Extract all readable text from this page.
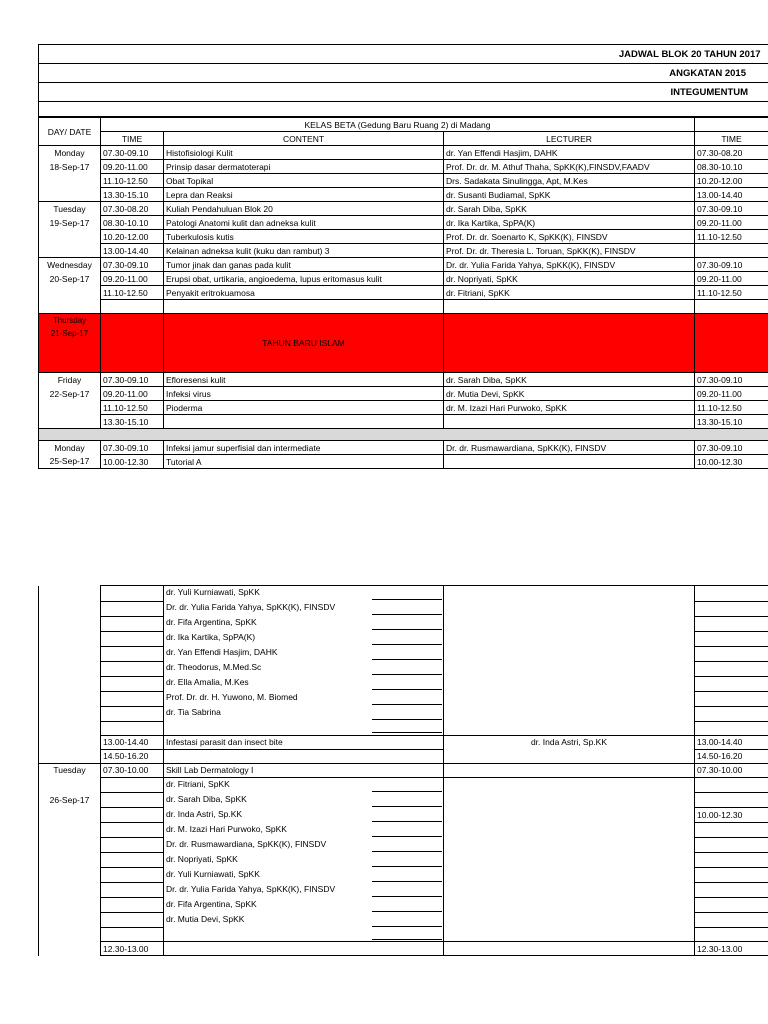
	JADWAL BLOK 20 TAHUN 2017
ANGKATAN 2015
INTEGUMENTUM

DAY/ DATE	KELAS BETA (Gedung Baru Ruang 2) di Madang			
	TIME	CONTENT	LECTURER	TIME
Monday	07.30-09.10	Histofisiologi Kulit	dr. Yan Effendi Hasjim, DAHK	07.30-08.20
18-Sep-17	09.20-11.00	Prinsip dasar dermatoterapi	Prof. Dr. dr. M. Athuf Thaha, SpKK(K),FINSDV,FAADV	08.30-10.10
	11.10-12.50	Obat Topikal	Drs. Sadakata Sinulingga, Apt, M.Kes	10.20-12.00
	13.30-15.10	Lepra dan Reaksi	dr. Susanti Budiamal, SpKK	13.00-14.40
Tuesday	07.30-08.20	Kuliah Pendahuluan Blok 20	dr. Sarah Diba, SpKK	07.30-09.10
19-Sep-17	08.30-10.10	Patologi Anatomi kulit dan adneksa kulit	dr. Ika Kartika, SpPA(K)	09.20-11.00
	10.20-12.00	Tuberkulosis kutis	Prof. Dr. dr. Soenarto K, SpKK(K), FINSDV	11.10-12.50
	13.00-14.40	Kelainan adneksa kulit (kuku dan rambut) 3	Prof. Dr. dr. Theresia L. Toruan, SpKK(K), FINSDV	
Wednesday	07.30-09.10	Tumor jinak dan ganas pada kulit	Dr. dr. Yulia Farida Yahya, SpKK(K), FINSDV	07.30-09.10
20-Sep-17	09.20-11.00	Erupsi obat, urtikaria, angioedema, lupus eritomasus kulit	dr. Nopriyati, SpKK	09.20-11.00
	11.10-12.50	Penyakit eritrokuamosa	dr. Fitriani, SpKK	11.10-12.50

Thursday
21-Sep-17		TAHUN BARU ISLAM		
Friday	07.30-09.10	Efloresensi kulit	dr. Sarah Diba, SpKK	07.30-09.10
22-Sep-17	09.20-11.00	Infeksi virus	dr. Mutia Devi, SpKK	09.20-11.00
	11.10-12.50	Pioderma	dr. M. Izazi Hari Purwoko, SpKK	11.10-12.50
	13.30-15.10			13.30-15.10

Monday	07.30-09.10	Infeksi jamur superfisial dan intermediate	Dr. dr. Rusmawardiana, SpKK(K), FINSDV	07.30-09.10
25-Sep-17	10.00-12.30	Tutorial A		10.00-12.30
		dr. Yuli Kurniawati, SpKK		
		Dr. dr. Yulia Farida Yahya, SpKK(K), FINSDV		
		dr. Fifa Argentina, SpKK		
		dr. Ika Kartika, SpPA(K)		
		dr. Yan Effendi Hasjim, DAHK		
		dr. Theodorus, M.Med.Sc		
		dr. Ella Amalia, M.Kes		
		Prof. Dr. dr. H. Yuwono, M. Biomed		
		dr. Tia Sabrina		

	13.00-14.40	Infestasi parasit dan insect bite	dr. Inda Astri, Sp.KK	13.00-14.40
	14.50-16.20			14.50-16.20
Tuesday	07.30-10.00	Skill Lab Dermatology I		07.30-10.00
		dr. Fitriani, SpKK		
26-Sep-17		dr. Sarah Diba, SpKK		
		dr. Inda Astri, Sp.KK		10.00-12.30
		dr. M. Izazi Hari Purwoko, SpKK		
		Dr. dr. Rusmawardiana, SpKK(K), FINSDV		
		dr. Nopriyati, SpKK		
		dr. Yuli Kurniawati, SpKK		
		Dr. dr. Yulia Farida Yahya, SpKK(K), FINSDV		
		dr. Fifa Argentina, SpKK		
		dr. Mutia Devi, SpKK		

	12.30-13.00			12.30-13.00
